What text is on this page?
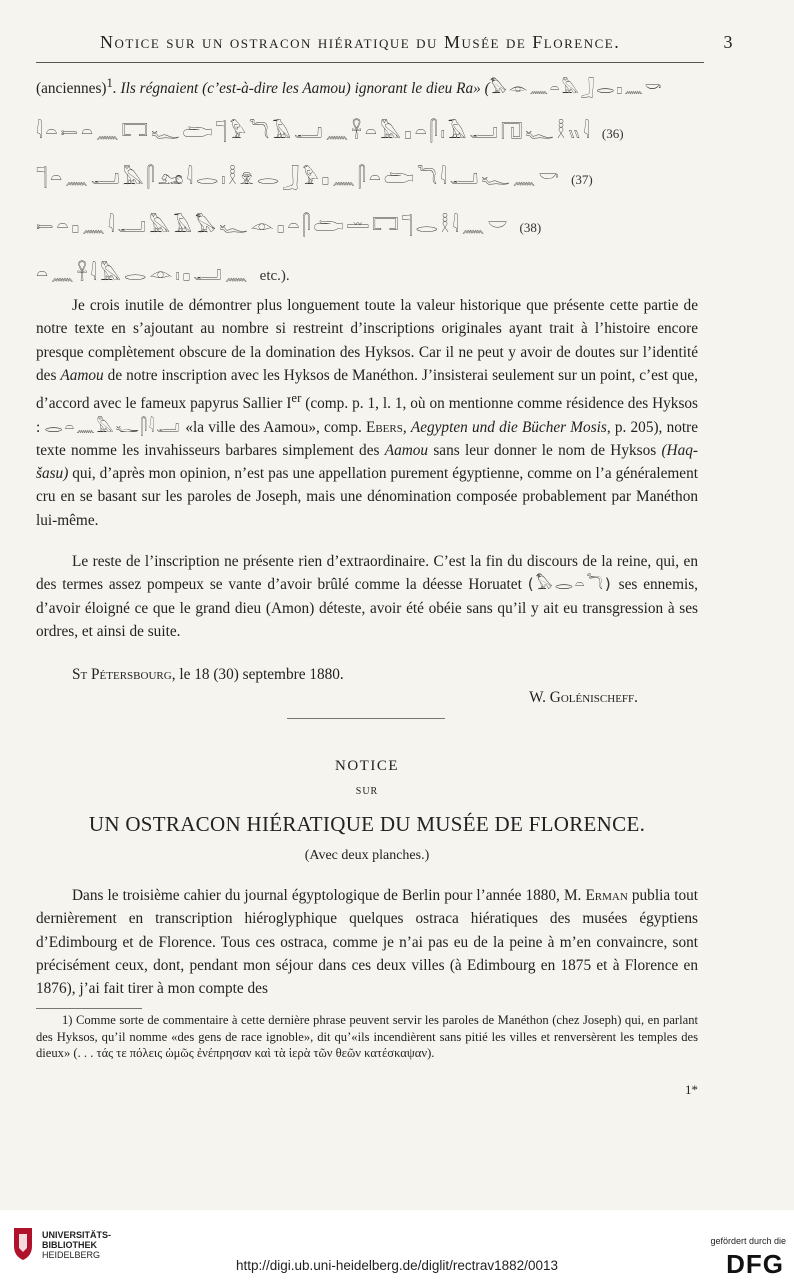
Notice sur un ostracon hiératique du Musée de Florence.	3

(anciennes)$^1$. Ils régnaient (c’est-à-dire les Aamou) ignorant le dieu Ra» (𓅃𓁹𓈖𓏏𓅓𓃀𓂋𓊪𓈖𓎡

𓇋𓏏𓍿𓏏𓈖𓉐𓆑𓂧𓊹𓅱𓆓𓄿𓂝𓈖𓋹𓏏𓅓𓊪𓏏𓋴𓏤𓄿𓂝𓉔𓆑𓎛𓏭𓇋 (36)
𓊹𓏏𓈖𓂝𓅓𓋴𓃭𓇋𓂋𓏤𓎛𓁷𓂋𓃀𓅱𓊪𓈖𓋴𓏏𓂧𓆓𓇋𓂝𓆑𓈖𓎡 (37)
𓍿𓏏𓊪𓈖𓇋𓂝𓅓𓄿𓅃𓆑𓁹𓊪𓏏𓋴𓂧𓏛𓉐𓊹𓂋𓎛𓇋𓈖𓎟 (38)
𓏏𓈖𓋹𓇋𓅓𓂋𓁹𓏤𓊪𓂝𓈖 etc.).

Je crois inutile de démontrer plus longuement toute la valeur historique que présente cette partie de notre texte en s’ajoutant au nombre si restreint d’inscriptions originales ayant trait à l’histoire encore presque complètement obscure de la domination des Hyksos. Car il ne peut y avoir de doutes sur l’identité des Aamou de notre inscription avec les Hyksos de Manéthon. J’insisterai seulement sur un point, c’est que, d’accord avec le fameux papyrus Sallier Ier (comp. p. 1, l. 1, où on mentionne comme résidence des Hyksos : 𓂋𓏏𓈖𓅓𓆑𓋴𓇋𓂝 «la ville des Aamou», comp. Ebers, Aegypten und die Bücher Mosis, p. 205), notre texte nomme les invahisseurs barbares simplement des Aamou sans leur donner le nom de Hyksos (Haq-šasu) qui, d’après mon opinion, n’est pas une appellation purement égyptienne, comme on l’a généralement cru en se basant sur les paroles de Joseph, mais une dénomination composée probablement par Manéthon lui-même.

Le reste de l’inscription ne présente rien d’extraordinaire. C’est la fin du discours de la reine, qui, en des termes assez pompeux se vante d’avoir brûlé comme la déesse Horuatet (𓅃𓂋𓏏𓆓) ses ennemis, d’avoir éloigné ce que le grand dieu (Amon) déteste, avoir été obéie sans qu’il y ait eu transgression à ses ordres, et ainsi de suite.

St Pétersbourg, le 18 (30) septembre 1880.

W. Golénischeff.
NOTICE
SUR
UN OSTRACON HIÉRATIQUE DU MUSÉE DE FLORENCE.
(Avec deux planches.)

Dans le troisième cahier du journal égyptologique de Berlin pour l’année 1880, M. Erman publia tout dernièrement en transcription hiéroglyphique quelques ostraca hiératiques des musées égyptiens d’Edimbourg et de Florence. Tous ces ostraca, comme je n’ai pas eu de la peine à m’en convaincre, sont précisément ceux, dont, pendant mon séjour dans ces deux villes (à Edimbourg en 1875 et à Florence en 1876), j’ai fait tirer à mon compte des

1) Comme sorte de commentaire à cette dernière phrase peuvent servir les paroles de Manéthon (chez Joseph) qui, en parlant des Hyksos, qu’il nomme «des gens de race ignoble», dit qu’«ils incendièrent sans pitié les villes et renversèrent les temples des dieux» (. . . τάς τε πόλεις ὠμῶς ἐνέπρησαν καὶ τὰ ἱερὰ τῶν θεῶν κατέσκαψαν).

1*
UNIVERSITÄTS-
BIBLIOTHEK
HEIDELBERG
http://digi.ub.uni-heidelberg.de/diglit/rectrav1882/0013
gefördert durch die
DFG
